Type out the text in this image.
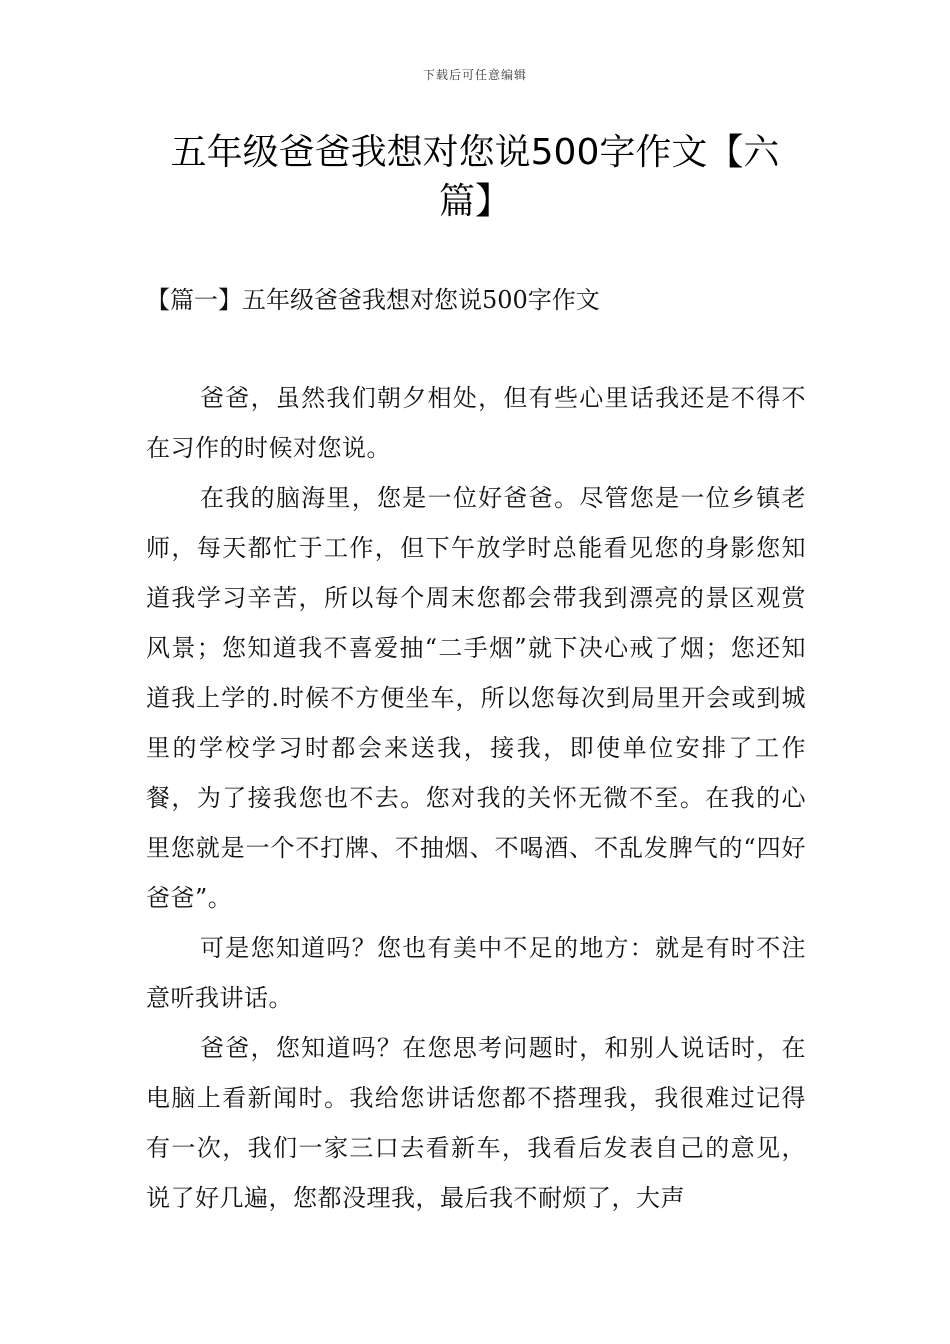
下载后可任意编辑
五年级爸爸我想对您说500字作文【六篇】
【篇一】五年级爸爸我想对您说500字作文

爸爸，虽然我们朝夕相处，但有些心里话我还是不得不在习作的时候对您说。

在我的脑海里，您是一位好爸爸。尽管您是一位乡镇老师，每天都忙于工作，但下午放学时总能看见您的身影您知道我学习辛苦，所以每个周末您都会带我到漂亮的景区观赏风景；您知道我不喜爱抽“二手烟”就下决心戒了烟；您还知道我上学的.时候不方便坐车，所以您每次到局里开会或到城里的学校学习时都会来送我，接我，即使单位安排了工作餐，为了接我您也不去。您对我的关怀无微不至。在我的心里您就是一个不打牌、不抽烟、不喝酒、不乱发脾气的“四好爸爸”。

可是您知道吗？您也有美中不足的地方：就是有时不注意听我讲话。

爸爸，您知道吗？在您思考问题时，和别人说话时，在电脑上看新闻时。我给您讲话您都不搭理我，我很难过记得有一次，我们一家三口去看新车，我看后发表自己的意见，说了好几遍，您都没理我，最后我不耐烦了，大声
